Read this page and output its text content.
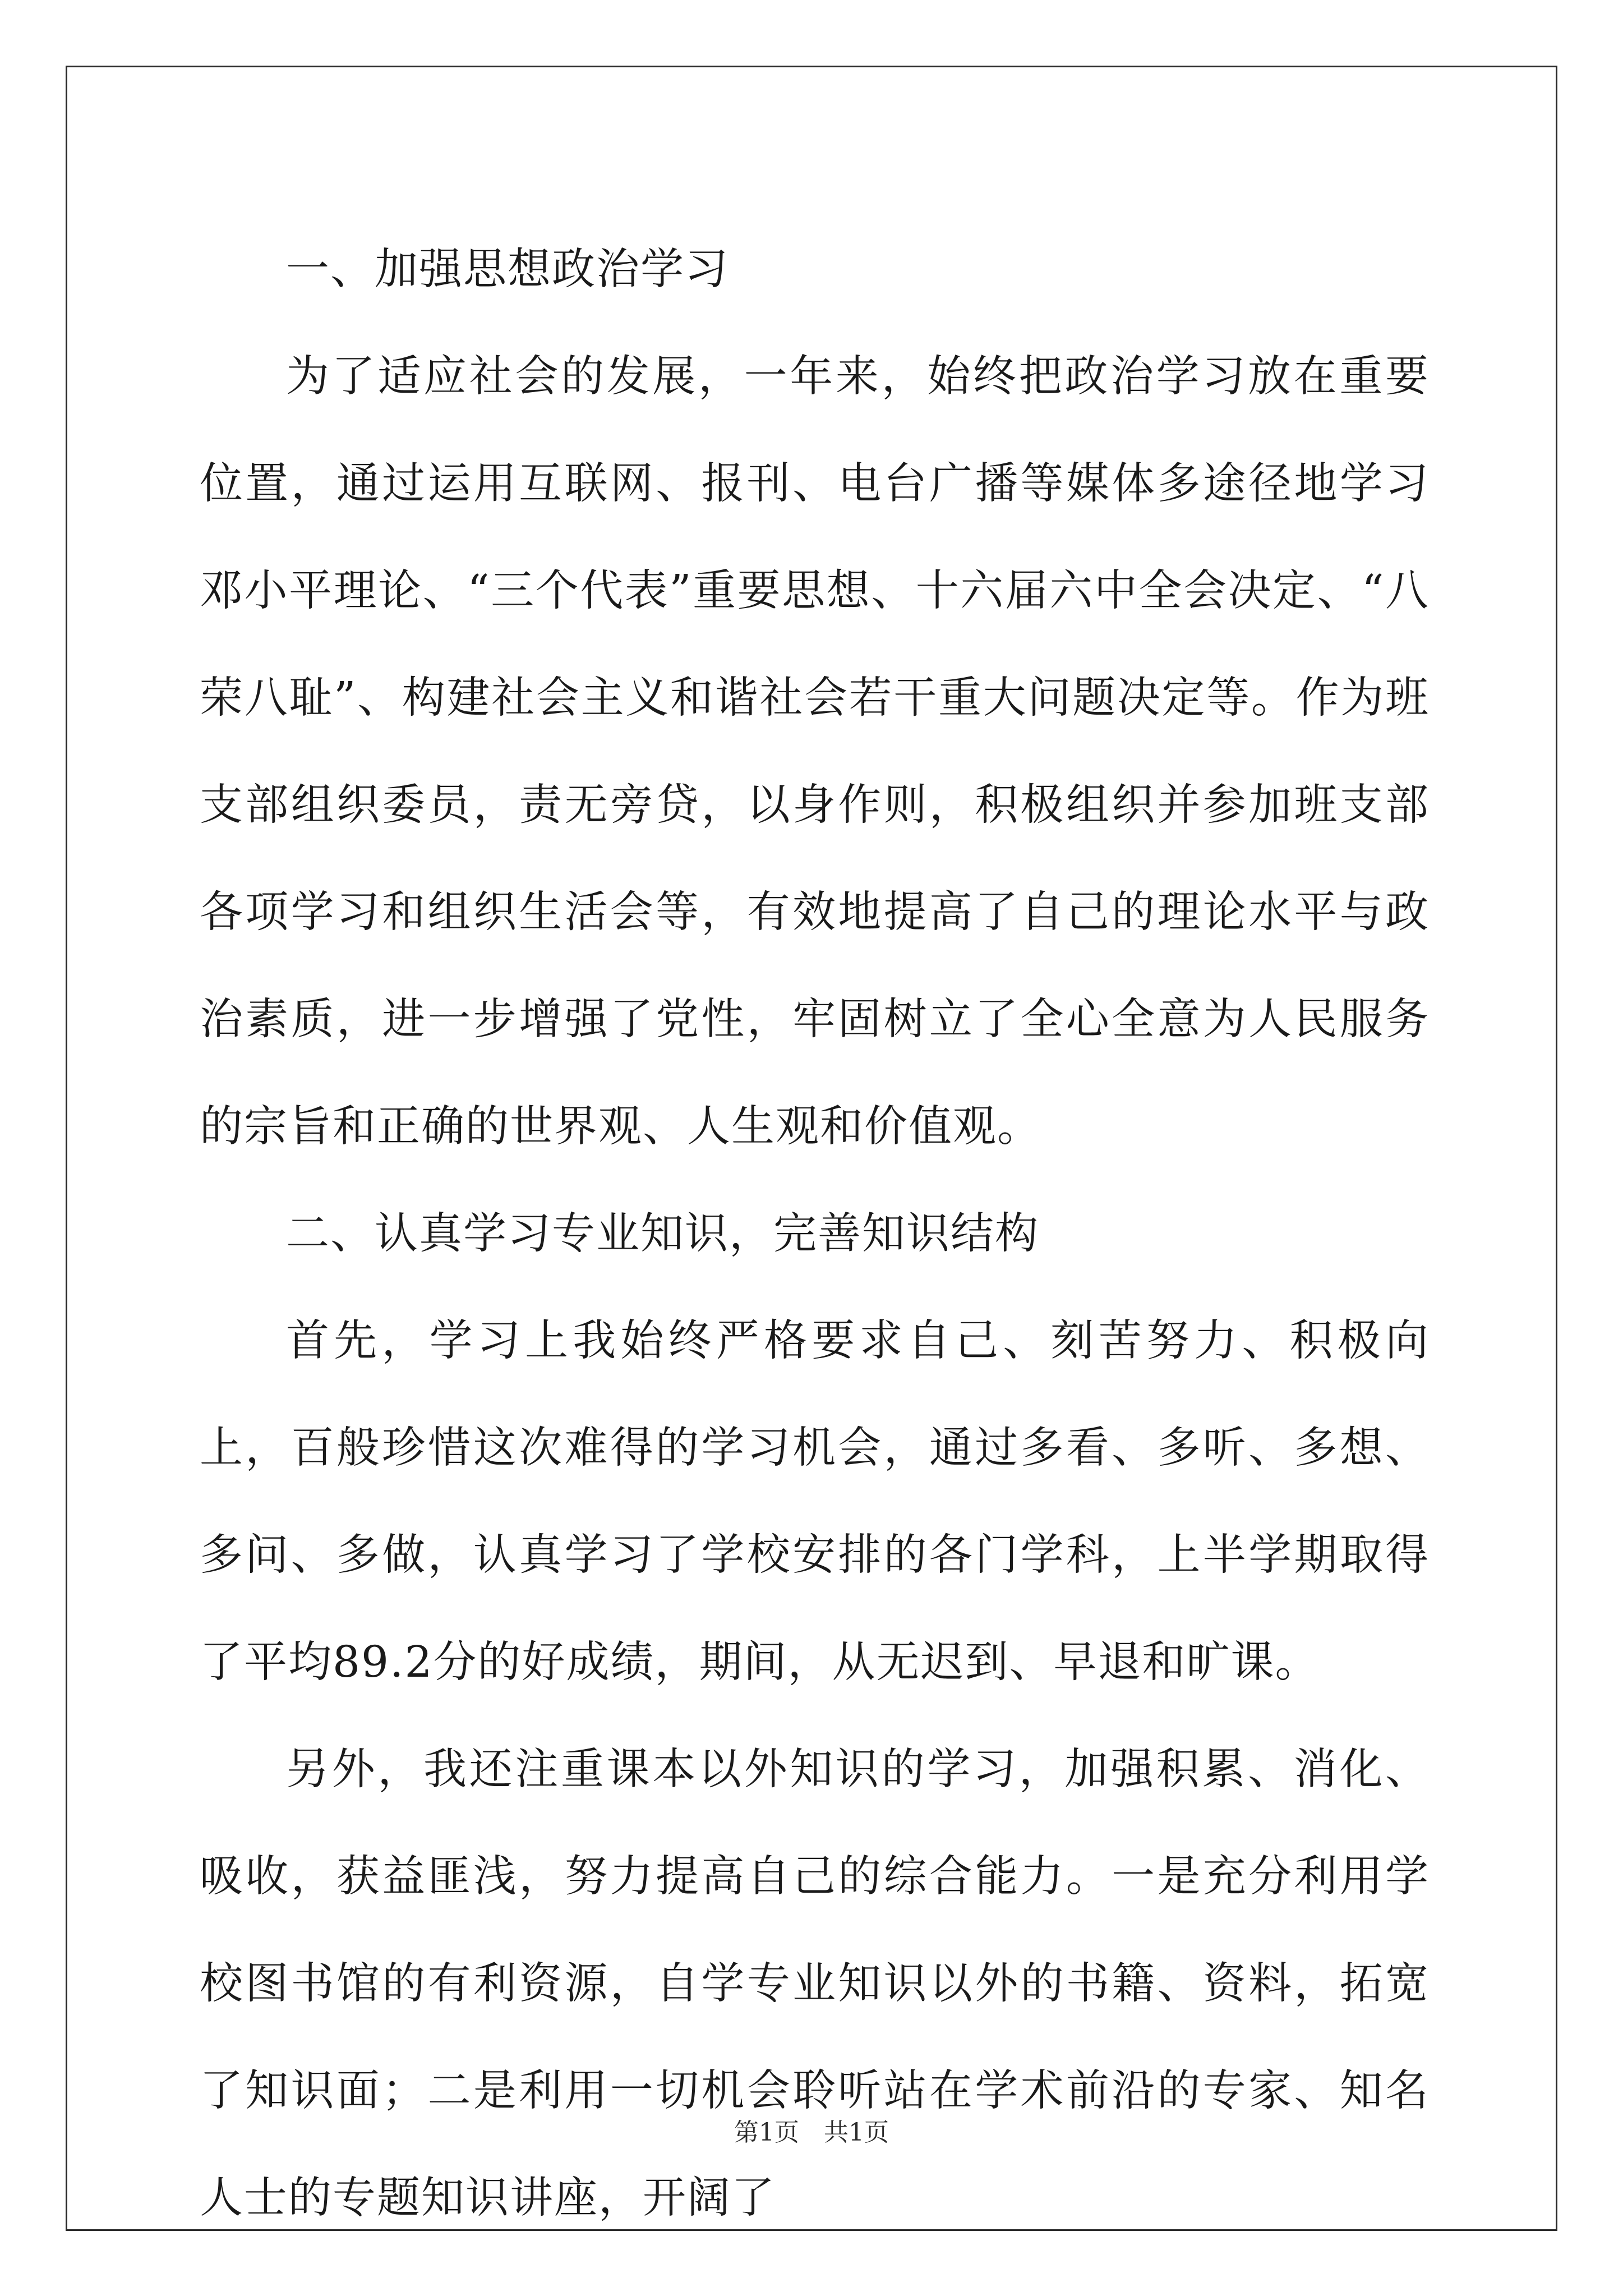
一、加强思想政治学习

为了适应社会的发展，一年来，始终把政治学习放在重要位置，通过运用互联网、报刊、电台广播等媒体多途径地学习邓小平理论、“三个代表”重要思想、十六届六中全会决定、“八荣八耻”、构建社会主义和谐社会若干重大问题决定等。作为班支部组织委员，责无旁贷，以身作则，积极组织并参加班支部各项学习和组织生活会等，有效地提高了自己的理论水平与政治素质，进一步增强了党性，牢固树立了全心全意为人民服务的宗旨和正确的世界观、人生观和价值观。

二、认真学习专业知识，完善知识结构

首先，学习上我始终严格要求自己、刻苦努力、积极向上，百般珍惜这次难得的学习机会，通过多看、多听、多想、多问、多做，认真学习了学校安排的各门学科，上半学期取得了平均89.2分的好成绩，期间，从无迟到、早退和旷课。

另外，我还注重课本以外知识的学习，加强积累、消化、吸收，获益匪浅，努力提高自己的综合能力。一是充分利用学校图书馆的有利资源，自学专业知识以外的书籍、资料，拓宽了知识面；二是利用一切机会聆听站在学术前沿的专家、知名人士的专题知识讲座，开阔了

第1页　共1页
